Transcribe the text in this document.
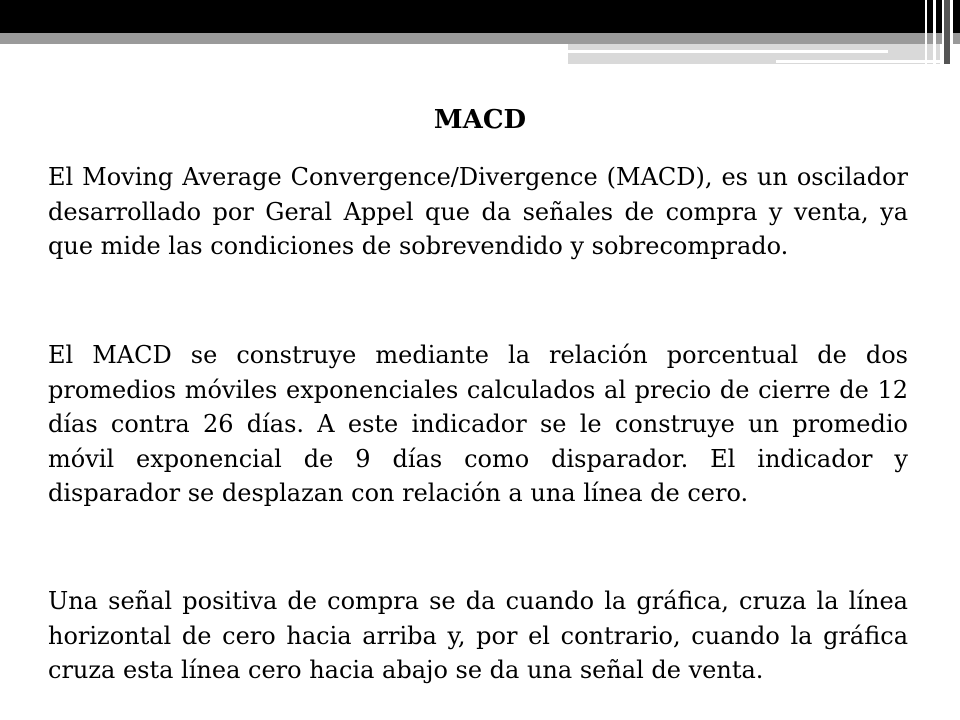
MACD

El Moving Average Convergence/Divergence (MACD), es un oscilador desarrollado por Geral Appel que da señales de compra y venta, ya que mide las condiciones de sobrevendido y sobrecomprado.

El MACD se construye mediante la relación porcentual de dos promedios móviles exponenciales calculados al precio de cierre de 12 días contra 26 días. A este indicador se le construye un promedio móvil exponencial de 9 días como disparador. El indicador y disparador se desplazan con relación a una línea de cero.

Una señal positiva de compra se da cuando la gráfica, cruza la línea horizontal de cero hacia arriba y, por el contrario, cuando la gráfica cruza esta línea cero hacia abajo se da una señal de venta.
